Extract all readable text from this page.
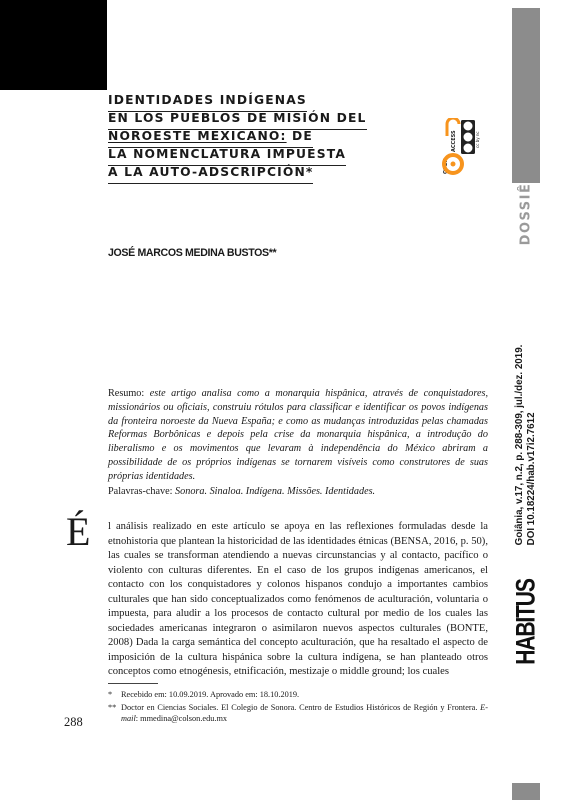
IDENTIDADES INDÍGENAS
EN LOS PUEBLOS DE MISIÓN DEL
NOROESTE MEXICANO: DE
LA NOMENCLATURA IMPUESTA
A LA AUTO-ADSCRIPCIÓN*	OPEN
ACCESS	cc by nc
JOSÉ MARCOS MEDINA BUSTOS**
Resumo: este artigo analisa como a monarquia hispânica, através de conquistadores, missionários ou oficiais, construiu rótulos para classificar e identificar os povos indígenas da fronteira noroeste da Nueva España; e como as mudanças introduzidas pelas chamadas Reformas Borbônicas e depois pela crise da monarquia hispânica, a introdução do liberalismo e os movimentos que levaram à independência do México abriram a possibilidade de os próprios indígenas se tornarem visíveis como construtores de suas próprias identidades.
Palavras-chave: Sonora. Sinaloa. Indígena. Missões. Identidades.
É l análisis realizado en este artículo se apoya en las reflexiones formuladas desde la etnohistoria que plantean la historicidad de las identidades étnicas (BENSA, 2016, p. 50), las cuales se transforman atendiendo a nuevas circunstancias y al contacto, pacífico o violento con culturas diferentes. En el caso de los grupos indígenas americanos, el contacto con los conquistadores y colonos hispanos condujo a importantes cambios culturales que han sido conceptualizados como fenómenos de aculturación, voluntaria o impuesta, para aludir a los procesos de contacto cultural por medio de los cuales las sociedades americanas integraron o asimilaron nuevos aspectos culturales (BONTE, 2008) Dada la carga semántica del concepto aculturación, que ha resaltado el aspecto de imposición de la cultura hispánica sobre la cultura indígena, se han planteado otros conceptos como etnogénesis, etnificación, mestizaje o middle ground; los cuales
*	Recebido em: 10.09.2019. Aprovado em: 18.10.2019.
** Doctor en Ciencias Sociales. El Colegio de Sonora. Centro de Estudios Históricos de Región y Frontera. E-mail: mmedina@colson.edu.mx
288
DOSSIÊ
Goiânia, v.17, n.2, p. 288-309, jul./dez. 2019. DOI 10.18224/hab.v17i2.7612
HABITUS
